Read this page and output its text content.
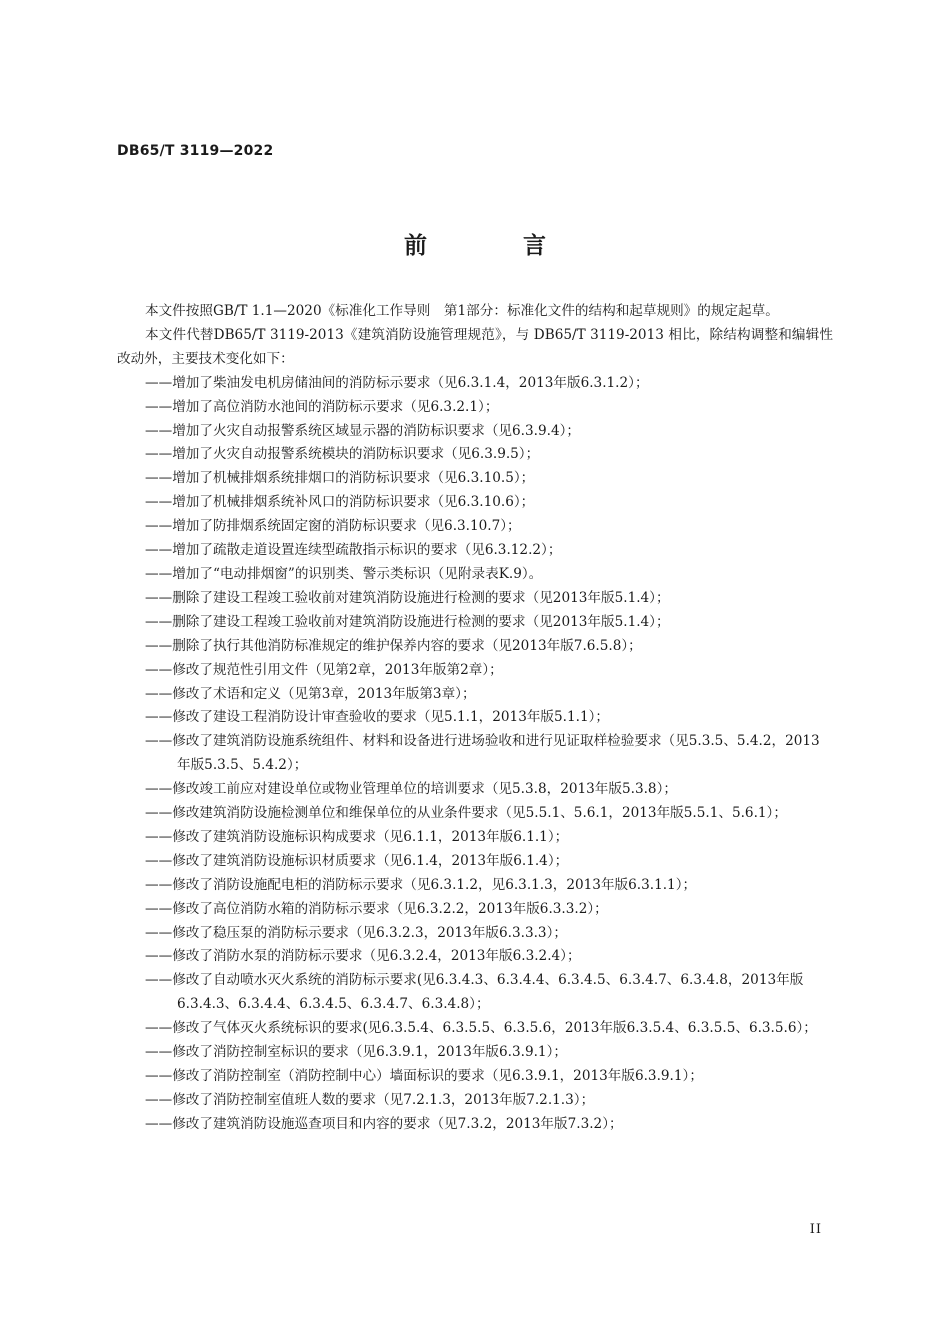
DB65/T 3119—2022
前 言

本文件按照GB/T 1.1—2020《标准化工作导则　第1部分：标准化文件的结构和起草规则》的规定起草。

本文件代替DB65/T 3119-2013《建筑消防设施管理规范》，与 DB65/T 3119-2013 相比，除结构调整和编辑性改动外，主要技术变化如下：

——增加了柴油发电机房储油间的消防标示要求（见6.3.1.4，2013年版6.3.1.2）；
——增加了高位消防水池间的消防标示要求（见6.3.2.1）；
——增加了火灾自动报警系统区域显示器的消防标识要求（见6.3.9.4）；
——增加了火灾自动报警系统模块的消防标识要求（见6.3.9.5）；
——增加了机械排烟系统排烟口的消防标识要求（见6.3.10.5）；
——增加了机械排烟系统补风口的消防标识要求（见6.3.10.6）；
——增加了防排烟系统固定窗的消防标识要求（见6.3.10.7）；
——增加了疏散走道设置连续型疏散指示标识的要求（见6.3.12.2）；
——增加了“电动排烟窗”的识别类、警示类标识（见附录表K.9）。
——删除了建设工程竣工验收前对建筑消防设施进行检测的要求（见2013年版5.1.4）；
——删除了建设工程竣工验收前对建筑消防设施进行检测的要求（见2013年版5.1.4）；
——删除了执行其他消防标准规定的维护保养内容的要求（见2013年版7.6.5.8）；
——修改了规范性引用文件（见第2章，2013年版第2章）；
——修改了术语和定义（见第3章，2013年版第3章）；
——修改了建设工程消防设计审查验收的要求（见5.1.1，2013年版5.1.1）；
——修改了建筑消防设施系统组件、材料和设备进行进场验收和进行见证取样检验要求（见5.3.5、5.4.2，2013年版5.3.5、5.4.2）；
——修改竣工前应对建设单位或物业管理单位的培训要求（见5.3.8，2013年版5.3.8）；
——修改建筑消防设施检测单位和维保单位的从业条件要求（见5.5.1、5.6.1，2013年版5.5.1、5.6.1）；
——修改了建筑消防设施标识构成要求（见6.1.1，2013年版6.1.1）；
——修改了建筑消防设施标识材质要求（见6.1.4，2013年版6.1.4）；
——修改了消防设施配电柜的消防标示要求（见6.3.1.2，见6.3.1.3，2013年版6.3.1.1）；
——修改了高位消防水箱的消防标示要求（见6.3.2.2，2013年版6.3.3.2）；
——修改了稳压泵的消防标示要求（见6.3.2.3，2013年版6.3.3.3）；
——修改了消防水泵的消防标示要求（见6.3.2.4，2013年版6.3.2.4）；
——修改了自动喷水灭火系统的消防标示要求(见6.3.4.3、6.3.4.4、6.3.4.5、6.3.4.7、6.3.4.8，2013年版6.3.4.3、6.3.4.4、6.3.4.5、6.3.4.7、6.3.4.8）；
——修改了气体灭火系统标识的要求(见6.3.5.4、6.3.5.5、6.3.5.6，2013年版6.3.5.4、6.3.5.5、6.3.5.6）；
——修改了消防控制室标识的要求（见6.3.9.1，2013年版6.3.9.1）；
——修改了消防控制室（消防控制中心）墙面标识的要求（见6.3.9.1，2013年版6.3.9.1）；
——修改了消防控制室值班人数的要求（见7.2.1.3，2013年版7.2.1.3）；
——修改了建筑消防设施巡查项目和内容的要求（见7.3.2，2013年版7.3.2）；
II
